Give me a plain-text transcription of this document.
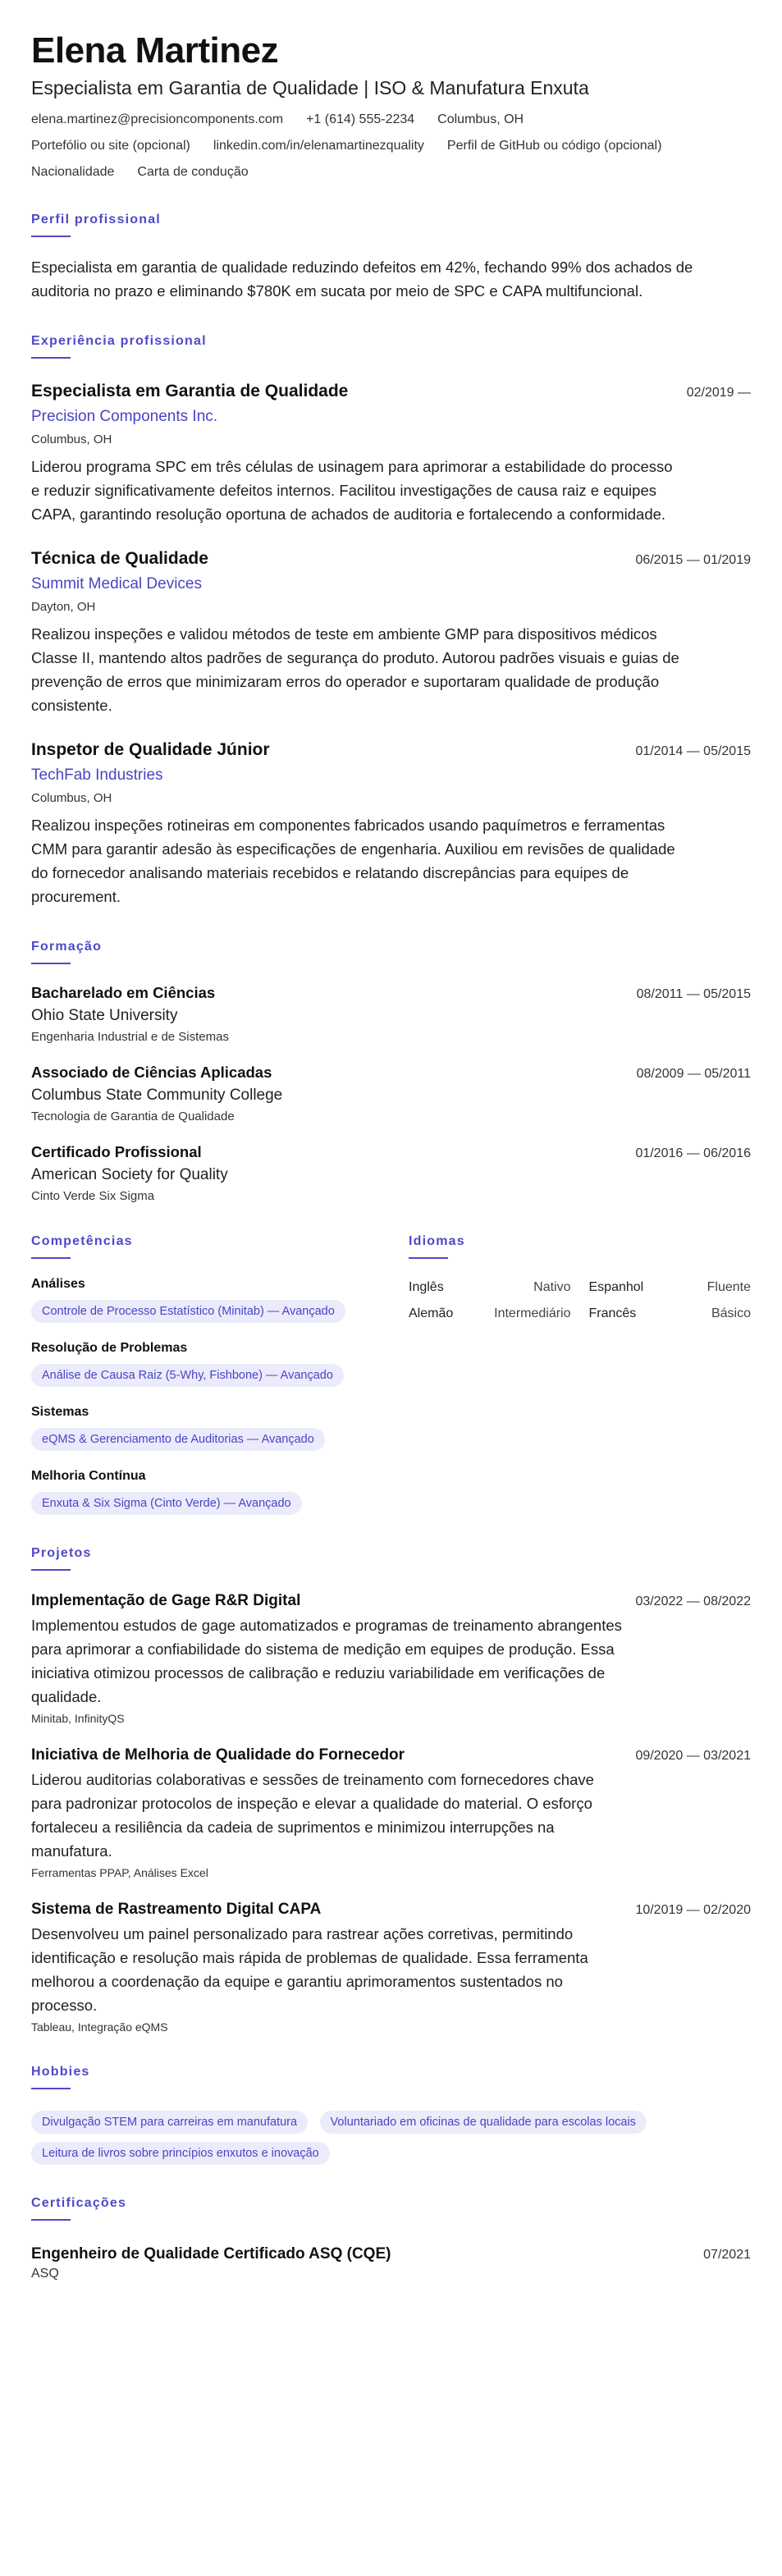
Elena Martinez
Especialista em Garantia de Qualidade | ISO & Manufatura Enxuta
elena.martinez@precisioncomponents.com +1 (614) 555-2234 Columbus, OH
Portefólio ou site (opcional) linkedin.com/in/elenamartinezquality Perfil de GitHub ou código (opcional)
Nacionalidade Carta de condução
Perfil profissional
Especialista em garantia de qualidade reduzindo defeitos em 42%, fechando 99% dos achados de auditoria no prazo e eliminando $780K em sucata por meio de SPC e CAPA multifuncional.
Experiência profissional
Especialista em Garantia de Qualidade	02/2019 —
Precision Components Inc.
Columbus, OH
Liderou programa SPC em três células de usinagem para aprimorar a estabilidade do processo e reduzir significativamente defeitos internos. Facilitou investigações de causa raiz e equipes CAPA, garantindo resolução oportuna de achados de auditoria e fortalecendo a conformidade.
Técnica de Qualidade	06/2015 — 01/2019
Summit Medical Devices
Dayton, OH
Realizou inspeções e validou métodos de teste em ambiente GMP para dispositivos médicos Classe II, mantendo altos padrões de segurança do produto. Autorou padrões visuais e guias de prevenção de erros que minimizaram erros do operador e suportaram qualidade de produção consistente.
Inspetor de Qualidade Júnior	01/2014 — 05/2015
TechFab Industries
Columbus, OH
Realizou inspeções rotineiras em componentes fabricados usando paquímetros e ferramentas CMM para garantir adesão às especificações de engenharia. Auxiliou em revisões de qualidade do fornecedor analisando materiais recebidos e relatando discrepâncias para equipes de procurement.
Formação
Bacharelado em Ciências	08/2011 — 05/2015
Ohio State University
Engenharia Industrial e de Sistemas
Associado de Ciências Aplicadas	08/2009 — 05/2011
Columbus State Community College
Tecnologia de Garantia de Qualidade
Certificado Profissional	01/2016 — 06/2016
American Society for Quality
Cinto Verde Six Sigma
Competências
Análises
Controle de Processo Estatístico (Minitab) — Avançado
Resolução de Problemas
Análise de Causa Raiz (5-Why, Fishbone) — Avançado
Sistemas
eQMS & Gerenciamento de Auditorias — Avançado
Melhoria Contínua
Enxuta & Six Sigma (Cinto Verde) — Avançado
Idiomas
Inglês	Nativo Espanhol	Fluente
Alemão	Intermediário Francês	Básico
Projetos
Implementação de Gage R&R Digital	03/2022 — 08/2022
Implementou estudos de gage automatizados e programas de treinamento abrangentes para aprimorar a confiabilidade do sistema de medição em equipes de produção. Essa iniciativa otimizou processos de calibração e reduziu variabilidade em verificações de qualidade.
Minitab, InfinityQS
Iniciativa de Melhoria de Qualidade do Fornecedor	09/2020 — 03/2021
Liderou auditorias colaborativas e sessões de treinamento com fornecedores chave para padronizar protocolos de inspeção e elevar a qualidade do material. O esforço fortaleceu a resiliência da cadeia de suprimentos e minimizou interrupções na manufatura.
Ferramentas PPAP, Análises Excel
Sistema de Rastreamento Digital CAPA	10/2019 — 02/2020
Desenvolveu um painel personalizado para rastrear ações corretivas, permitindo identificação e resolução mais rápida de problemas de qualidade. Essa ferramenta melhorou a coordenação da equipe e garantiu aprimoramentos sustentados no processo.
Tableau, Integração eQMS
Hobbies
Divulgação STEM para carreiras em manufatura	Voluntariado em oficinas de qualidade para escolas locais Leitura de livros sobre princípios enxutos e inovação
Certificações
Engenheiro de Qualidade Certificado ASQ (CQE)	07/2021
ASQ
